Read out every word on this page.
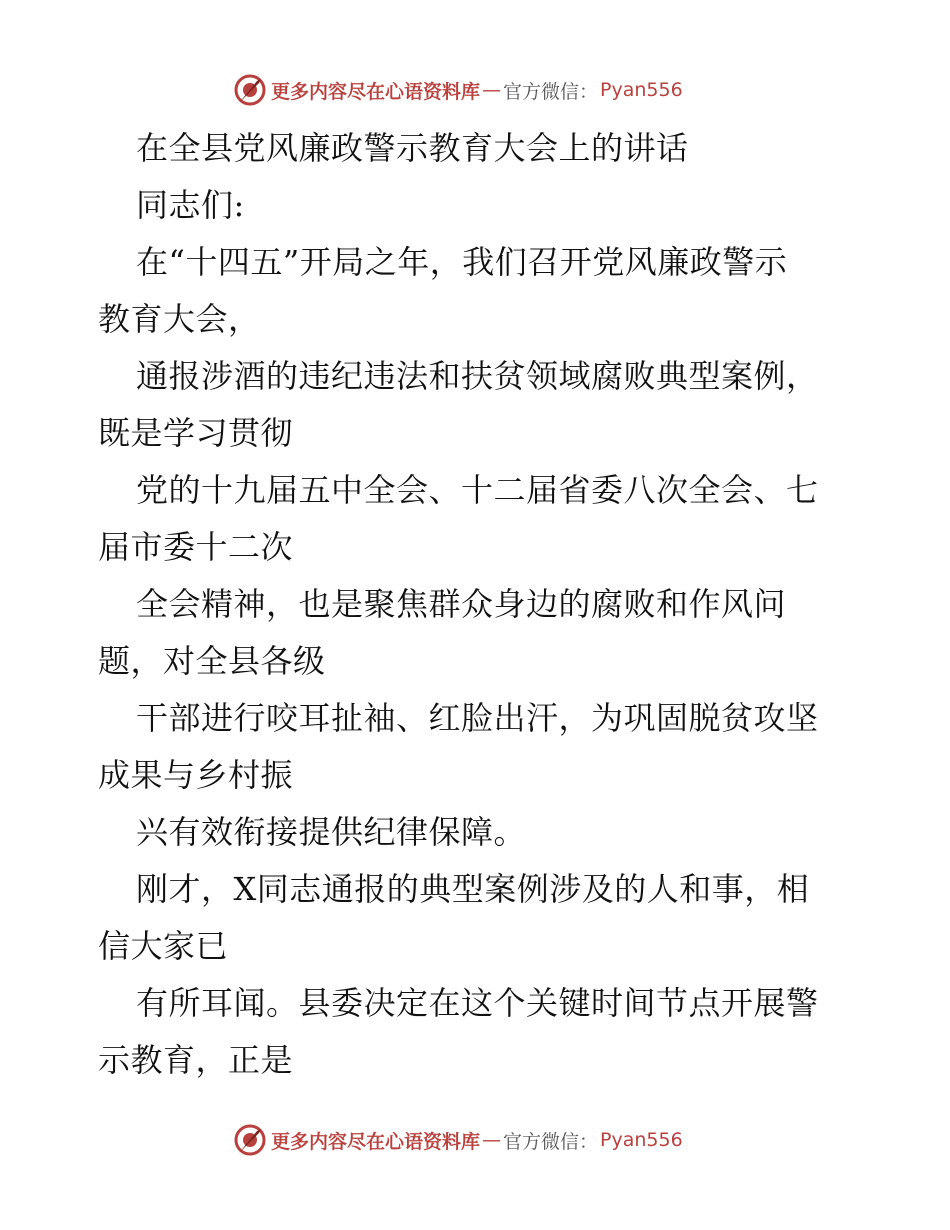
更多内容尽在心语资料库 — 官方微信： Pyan556
在全县党风廉政警示教育大会上的讲话
同志们:
在“十四五”开局之年，我们召开党风廉政警示
教育大会，
通报涉酒的违纪违法和扶贫领域腐败典型案例，
既是学习贯彻
党的十九届五中全会、十二届省委八次全会、七
届市委十二次
全会精神，也是聚焦群众身边的腐败和作风问
题，对全县各级
干部进行咬耳扯袖、红脸出汗，为巩固脱贫攻坚
成果与乡村振
兴有效衔接提供纪律保障。
刚才，X同志通报的典型案例涉及的人和事，相
信大家已
有所耳闻。县委决定在这个关键时间节点开展警
示教育，正是
更多内容尽在心语资料库 — 官方微信： Pyan556
